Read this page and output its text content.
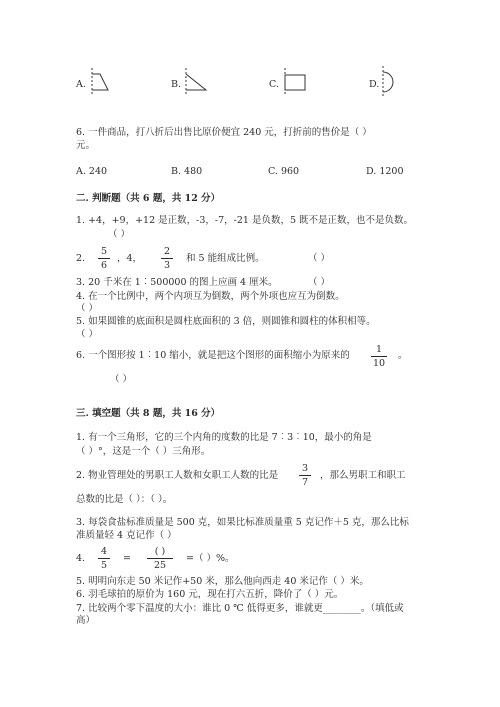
A.	B.	C.	D.
6. 一件商品，打八折后出售比原价便宜 240 元，打折前的售价是（ ）
元。
A. 240	B. 480	C. 960	D. 1200
二. 判断题（共 6 题，共 12 分）
1. +4，+9，+12 是正数，-3，-7，-21 是负数，5 既不是正数，也不是负数。
（ ）
2.
5
6
，4，
2
3
和 5 能组成比例。	（ ）
3. 20 千米在 1︰500000 的图上应画 4 厘米。	（ ）
4. 在一个比例中，两个内项互为倒数，两个外项也应互为倒数。
（ ）
5. 如果圆锥的底面积是圆柱底面积的 3 倍，则圆锥和圆柱的体积相等。
（ ）
6. 一个图形按 1︰10 缩小，就是把这个图形的面积缩小为原来的
1
10
。
（ ）
三. 填空题（共 8 题，共 16 分）
1. 有一个三角形，它的三个内角的度数的比是 7︰3︰10，最小的角是
（ ）°，这是一个（ ）三角形。
2. 物业管理处的男职工人数和女职工人数的比是
3
7
，那么男职工和职工
总数的比是（ ）：（ ）。
3. 每袋食盐标准质量是 500 克，如果比标准质量重 5 克记作＋5 克，那么比标
准质量轻 4 克记作（ ）
4.
4
5
=
( )
25
=（ ）%。
5. 明明向东走 50 米记作+50 米，那么他向西走 40 米记作（ ）米。
6. 羽毛球拍的原价为 160 元，现在打六五折，降价了（ ）元。
7. 比较两个零下温度的大小：谁比 0 ℃ 低得更多，谁就更________。（填低或
高）
